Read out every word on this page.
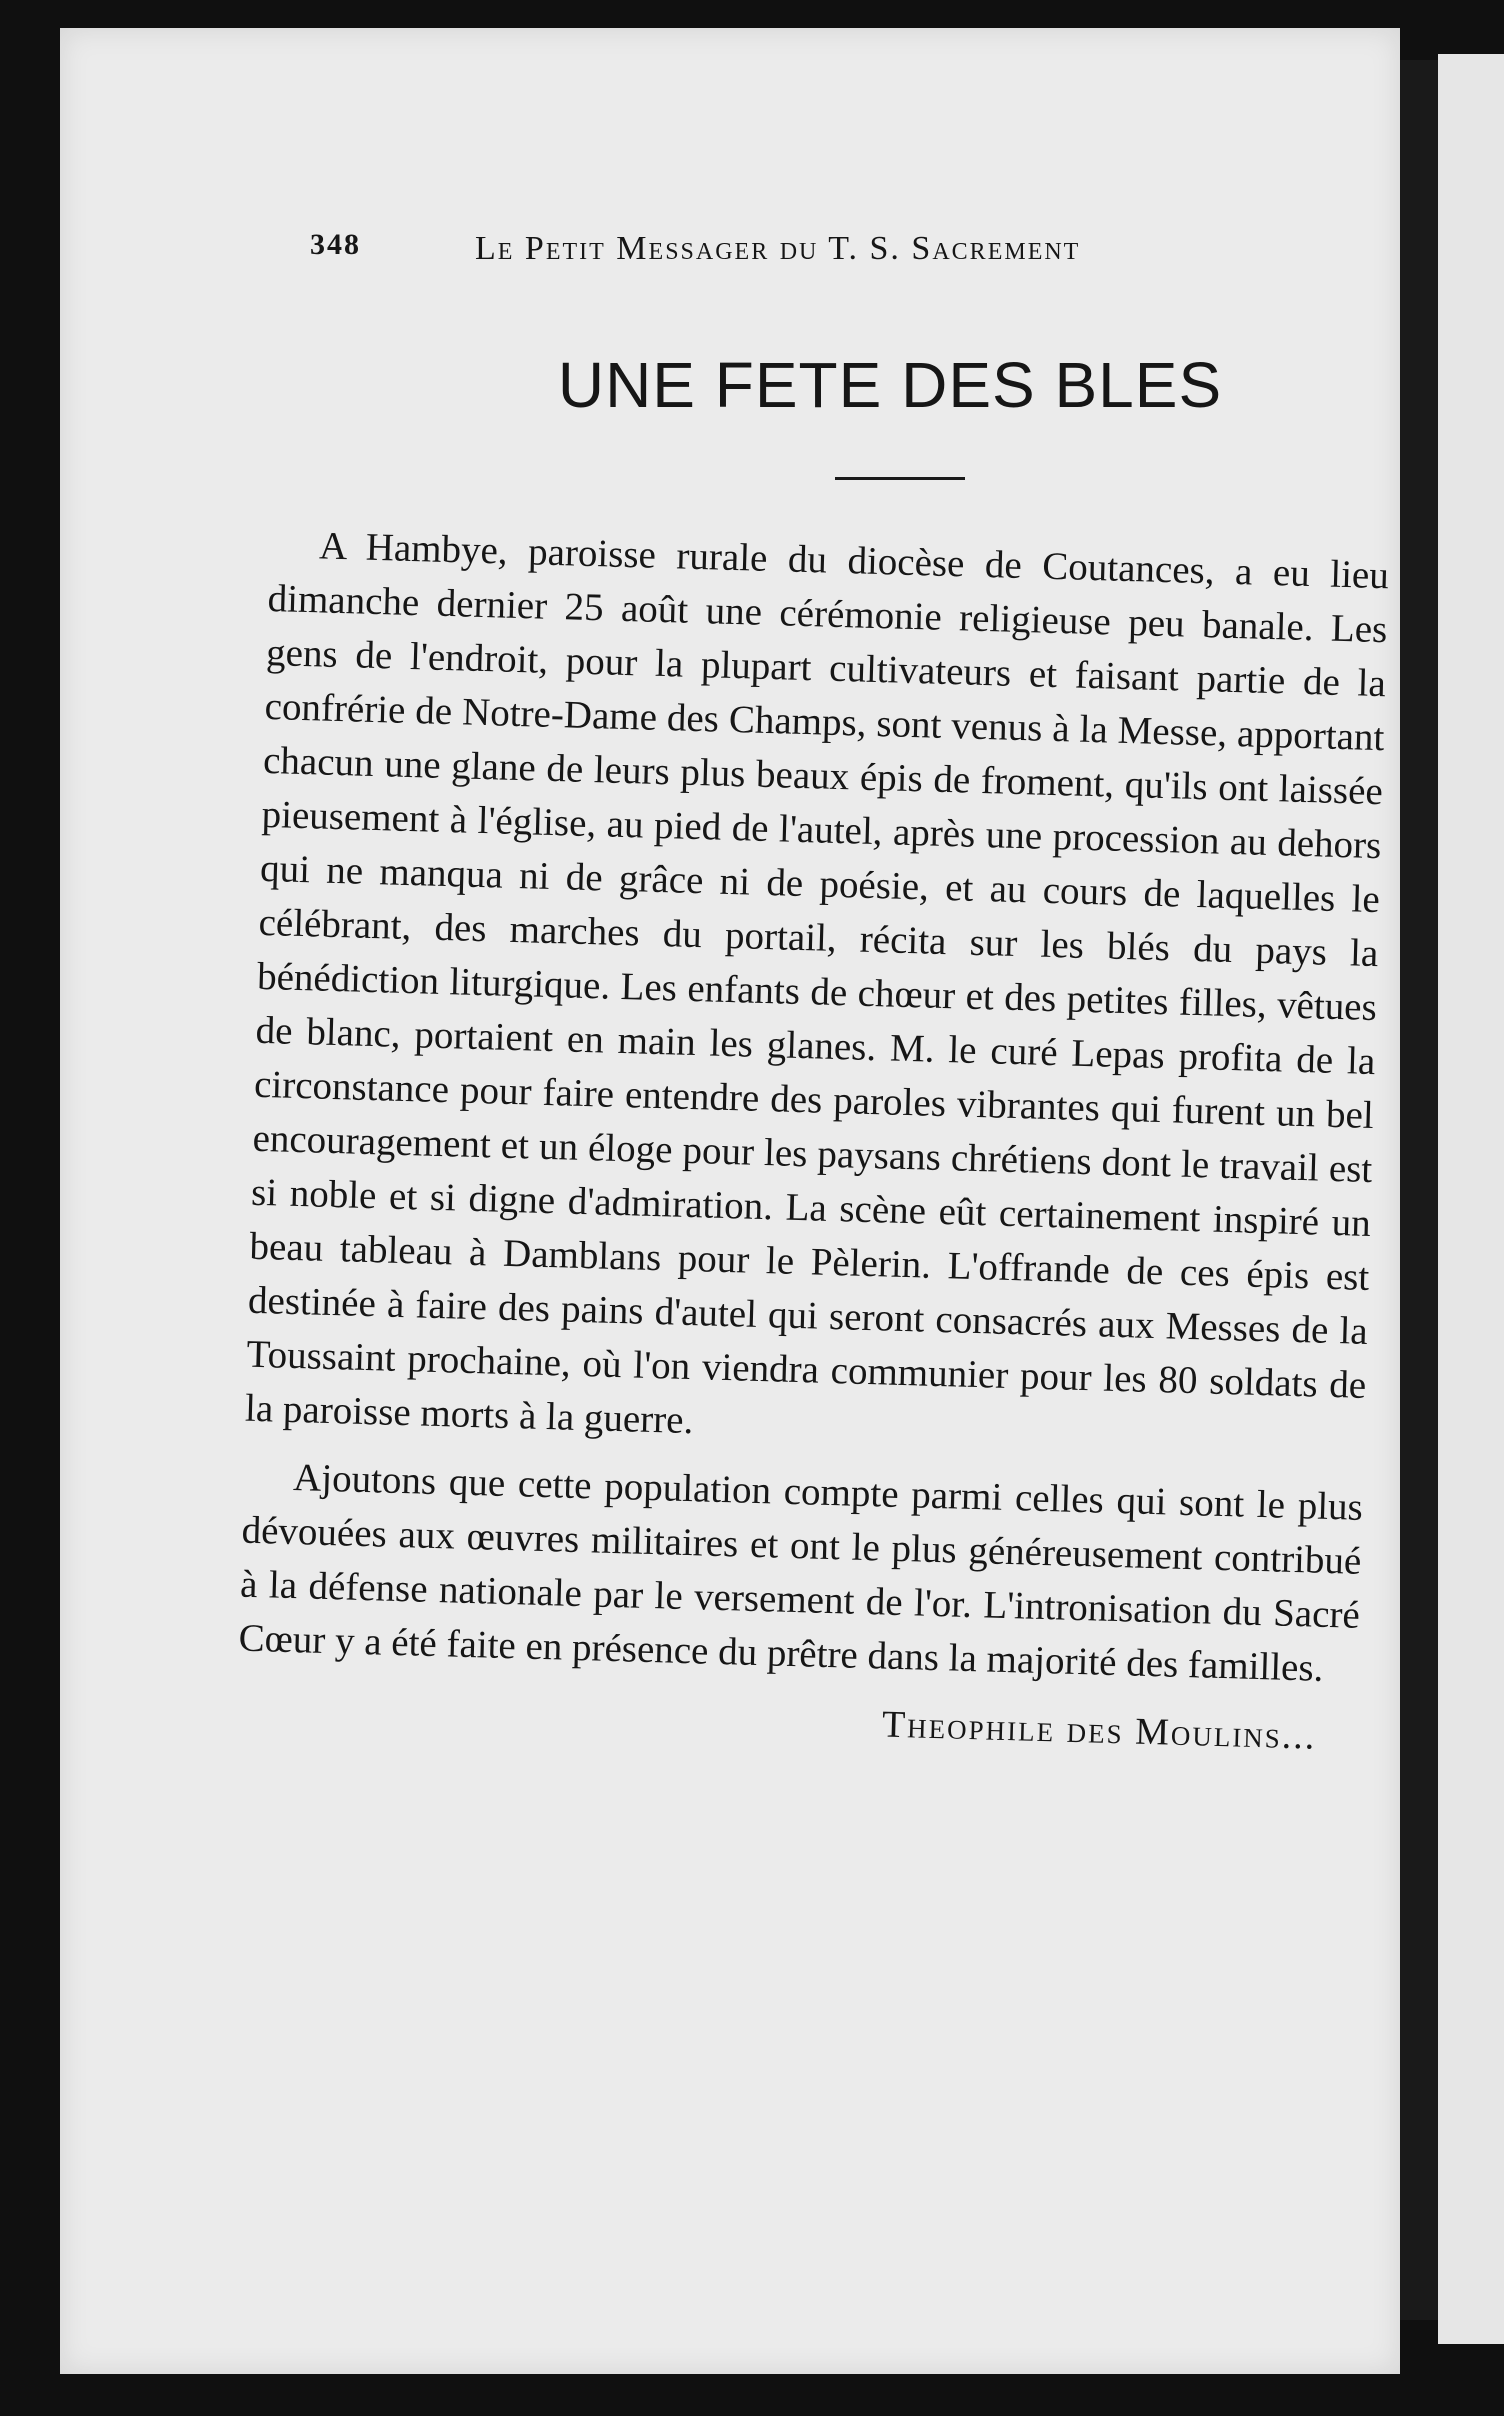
348	Le Petit Messager du T. S. Sacrement
UNE FETE DES BLES

A Hambye, paroisse rurale du diocèse de Coutances, a eu lieu dimanche dernier 25 août une cérémonie religieuse peu banale. Les gens de l'endroit, pour la plupart cultivateurs et faisant partie de la confrérie de Notre-Dame des Champs, sont venus à la Messe, apportant chacun une glane de leurs plus beaux épis de froment, qu'ils ont laissée pieusement à l'église, au pied de l'autel, après une procession au dehors qui ne manqua ni de grâce ni de poésie, et au cours de laquelles le célébrant, des marches du portail, récita sur les blés du pays la bénédiction liturgique. Les enfants de chœur et des petites filles, vêtues de blanc, portaient en main les glanes. M. le curé Lepas profita de la circonstance pour faire entendre des paroles vibrantes qui furent un bel encouragement et un éloge pour les paysans chrétiens dont le travail est si noble et si digne d'admiration. La scène eût certainement inspiré un beau tableau à Damblans pour le Pèlerin. L'offrande de ces épis est destinée à faire des pains d'autel qui seront consacrés aux Messes de la Toussaint prochaine, où l'on viendra communier pour les 80 soldats de la paroisse morts à la guerre.

Ajoutons que cette population compte parmi celles qui sont le plus dévouées aux œuvres militaires et ont le plus généreusement contribué à la défense nationale par le versement de l'or. L'intronisation du Sacré Cœur y a été faite en présence du prêtre dans la majorité des familles.

Theophile des Moulins...
